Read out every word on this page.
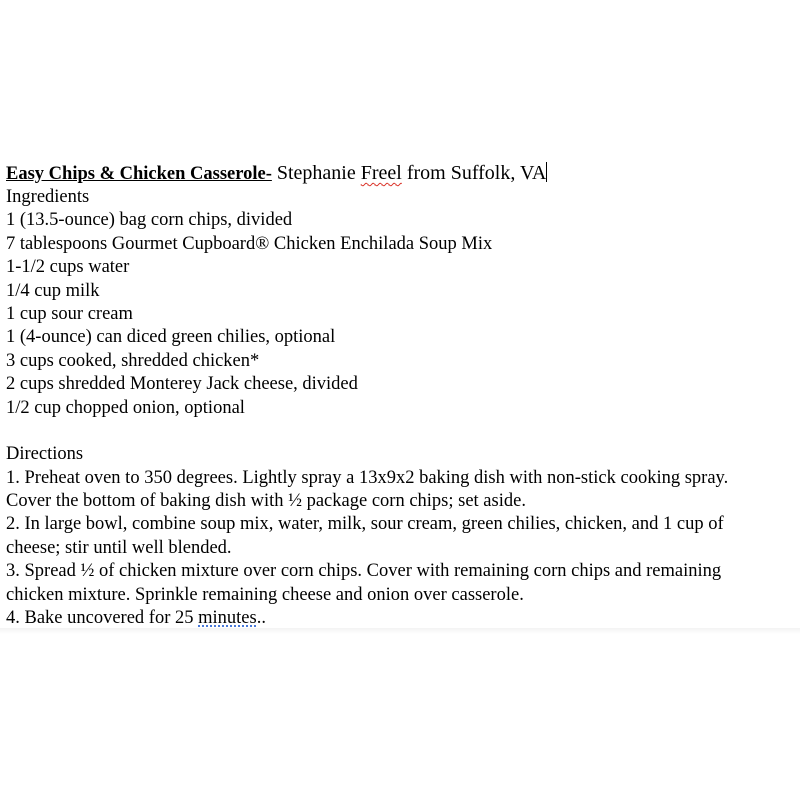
Easy Chips & Chicken Casserole- Stephanie Freel from Suffolk, VA
Ingredients
1 (13.5-ounce) bag corn chips, divided
7 tablespoons Gourmet Cupboard® Chicken Enchilada Soup Mix
1-1/2 cups water
1/4 cup milk
1 cup sour cream
1 (4-ounce) can diced green chilies, optional
3 cups cooked, shredded chicken*
2 cups shredded Monterey Jack cheese, divided
1/2 cup chopped onion, optional
Directions
1. Preheat oven to 350 degrees. Lightly spray a 13x9x2 baking dish with non-stick cooking spray.
Cover the bottom of baking dish with ½ package corn chips; set aside.
2. In large bowl, combine soup mix, water, milk, sour cream, green chilies, chicken, and 1 cup of
cheese; stir until well blended.
3. Spread ½ of chicken mixture over corn chips. Cover with remaining corn chips and remaining
chicken mixture. Sprinkle remaining cheese and onion over casserole.
4. Bake uncovered for 25 minutes..
